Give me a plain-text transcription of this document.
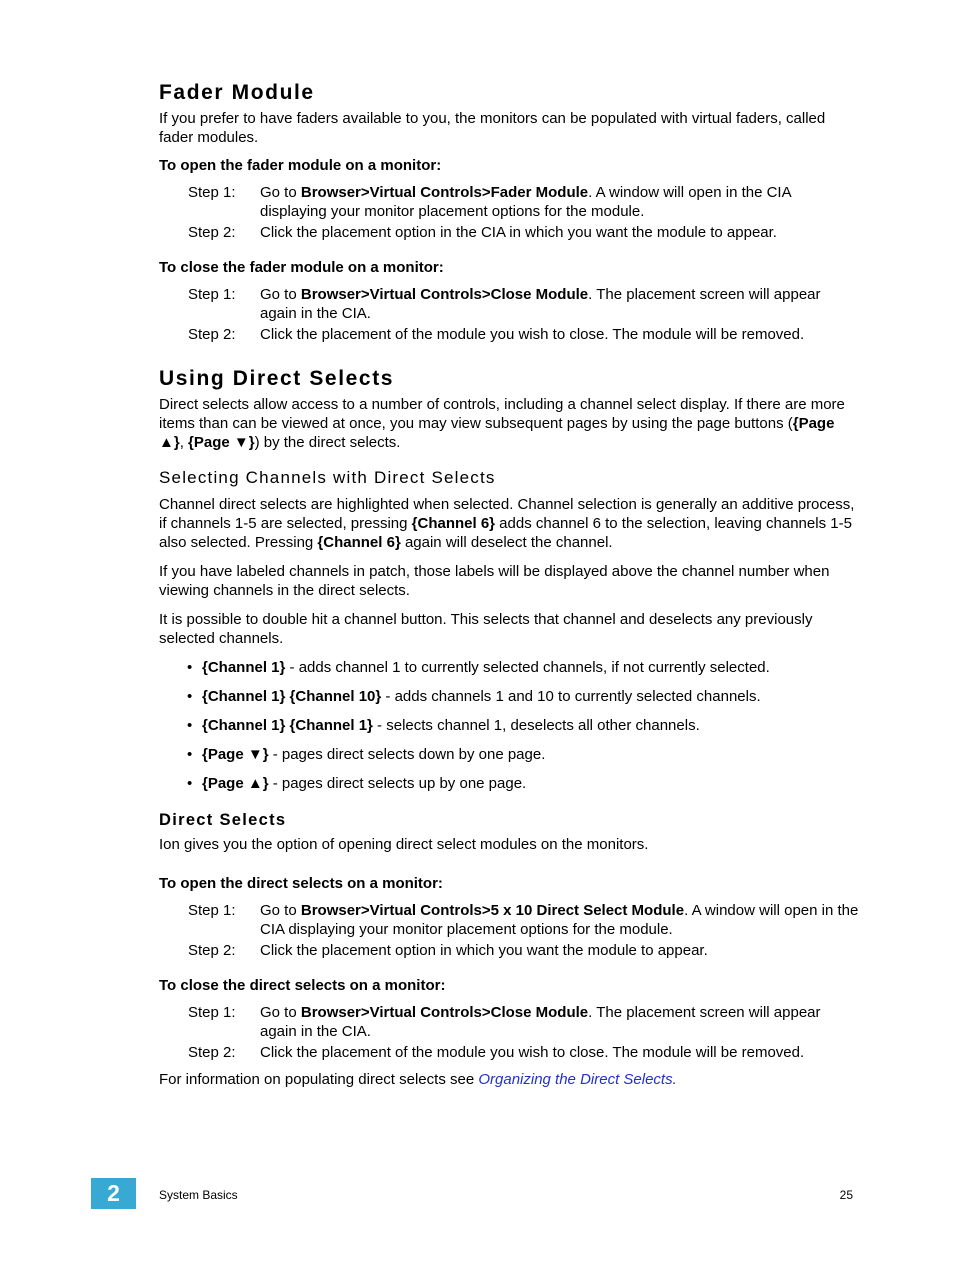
Fader Module

If you prefer to have faders available to you, the monitors can be populated with virtual faders, called fader modules.

To open the fader module on a monitor:

Step 1:	Go to Browser>Virtual Controls>Fader Module. A window will open in the CIA displaying your monitor placement options for the module.
Step 2:	Click the placement option in the CIA in which you want the module to appear.

To close the fader module on a monitor:

Step 1:	Go to Browser>Virtual Controls>Close Module. The placement screen will appear again in the CIA.
Step 2:	Click the placement of the module you wish to close. The module will be removed.
Using Direct Selects

Direct selects allow access to a number of controls, including a channel select display. If there are more items than can be viewed at once, you may view subsequent pages by using the page buttons ({Page ▲}, {Page ▼}) by the direct selects.

Selecting Channels with Direct Selects

Channel direct selects are highlighted when selected. Channel selection is generally an additive process, if channels 1-5 are selected, pressing {Channel 6} adds channel 6 to the selection, leaving channels 1-5 also selected. Pressing {Channel 6} again will deselect the channel.

If you have labeled channels in patch, those labels will be displayed above the channel number when viewing channels in the direct selects.

It is possible to double hit a channel button. This selects that channel and deselects any previously selected channels.

• {Channel 1} - adds channel 1 to currently selected channels, if not currently selected.
• {Channel 1} {Channel 10} - adds channels 1 and 10 to currently selected channels.
• {Channel 1} {Channel 1} - selects channel 1, deselects all other channels.
• {Page ▼} - pages direct selects down by one page.
• {Page ▲} - pages direct selects up by one page.
Direct Selects

Ion gives you the option of opening direct select modules on the monitors.

To open the direct selects on a monitor:

Step 1:	Go to Browser>Virtual Controls>5 x 10 Direct Select Module. A window will open in the CIA displaying your monitor placement options for the module.
Step 2:	Click the placement option in which you want the module to appear.

To close the direct selects on a monitor:

Step 1:	Go to Browser>Virtual Controls>Close Module. The placement screen will appear again in the CIA.
Step 2:	Click the placement of the module you wish to close. The module will be removed.

For information on populating direct selects see Organizing the Direct Selects.

2	System Basics	25
